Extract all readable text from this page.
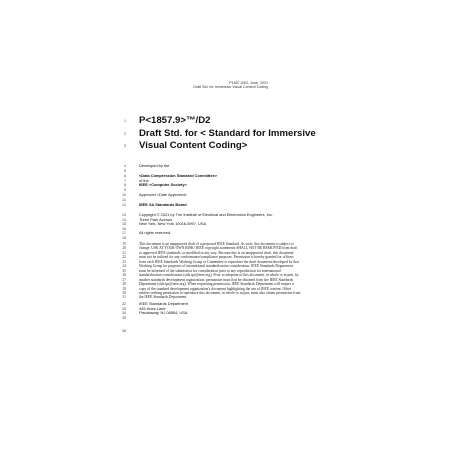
P1857.9/D2, June, 2021
Draft Std. for Immersive Visual Content Coding
1 P<1857.9>™/D2
2 Draft Std. for < Standard for Immersive
3 Visual Content Coding>
4	Developed by the
5
6	<Data Compression Standard Committee>
7	of the
8	IEEE <Computer Society>
9
10	Approved <Date Approved>
11
12	IEEE SA Standards Board
13	Copyright © 2021 by The Institute of Electrical and Electronics Engineers, Inc.
14	Three Park Avenue
15	New York, New York 10016-5997, USA
16
17	All rights reserved.
18
19	This document is an unapproved draft of a proposed IEEE Standard. As such, this document is subject to
20	change. USE AT YOUR OWN RISK! IEEE copyright statements SHALL NOT BE REMOVED from draft
21	or approved IEEE standards, or modified in any way. Because this is an unapproved draft, this document
22	must not be utilized for any conformance/compliance purposes. Permission is hereby granted for officers
23	from each IEEE Standards Working Group or Committee to reproduce the draft document developed by that
24	Working Group for purposes of international standardization consideration. IEEE Standards Department
25	must be informed of the submission for consideration prior to any reproduction for international
26	standardization consideration (stds.ipr@ieee.org). Prior to adoption of this document, in whole or in part, by
27	another standards development organization, permission must first be obtained from the IEEE Standards
28	Department (stds.ipr@ieee.org). When requesting permission, IEEE Standards Department will require a
29	copy of the standard development organization's document highlighting the use of IEEE content. Other
30	entities seeking permission to reproduce this document, in whole or in part, must also obtain permission from
31	the IEEE Standards Department.
32	IEEE Standards Department
33	445 Hoes Lane
34	Piscataway, NJ 08854, USA
35
36
